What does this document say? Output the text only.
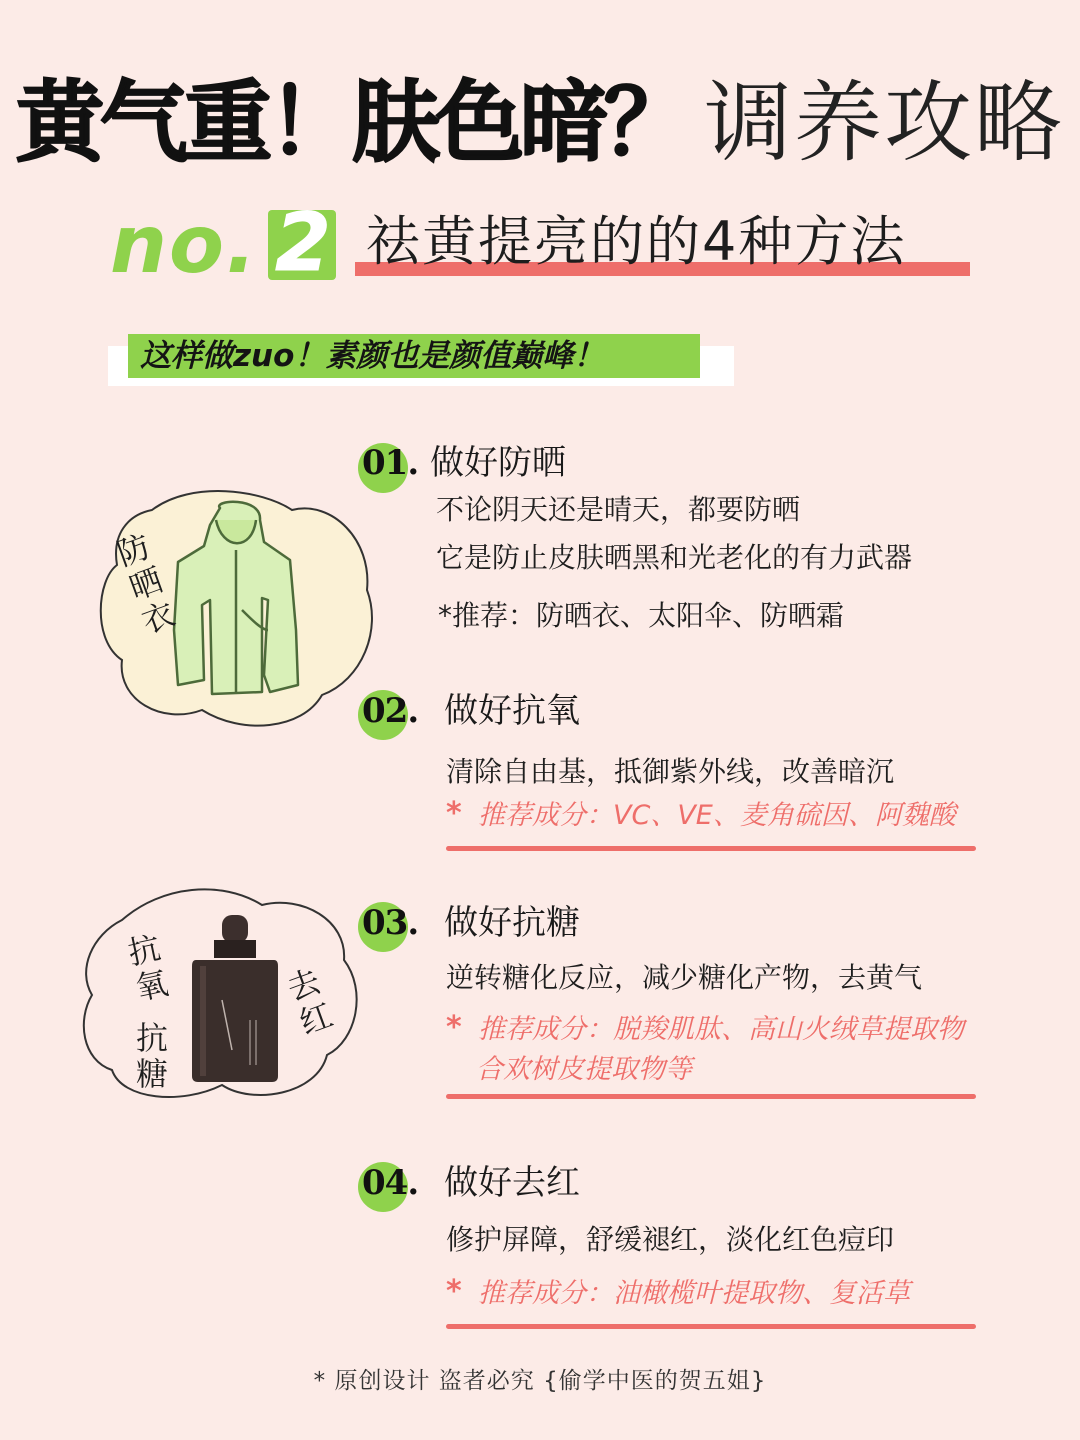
黄气重！肤色暗？ 调养攻略
no. 2 祛黄提亮的的4种方法
这样做zuo！素颜也是颜值巅峰！
防晒衣
01. 做好防晒
不论阴天还是晴天，都要防晒
它是防止皮肤晒黑和光老化的有力武器
*推荐：防晒衣、太阳伞、防晒霜
02. 做好抗氧
清除自由基，抵御紫外线，改善暗沉
* 推荐成分：VC、VE、麦角硫因、阿魏酸
抗氧
抗糖
去红
03. 做好抗糖
逆转糖化反应，减少糖化产物，去黄气
* 推荐成分：脱羧肌肽、高山火绒草提取物
合欢树皮提取物等
04. 做好去红
修护屏障，舒缓褪红，淡化红色痘印
* 推荐成分：油橄榄叶提取物、复活草
* 原创设计 盗者必究 {偷学中医的贺五姐}
